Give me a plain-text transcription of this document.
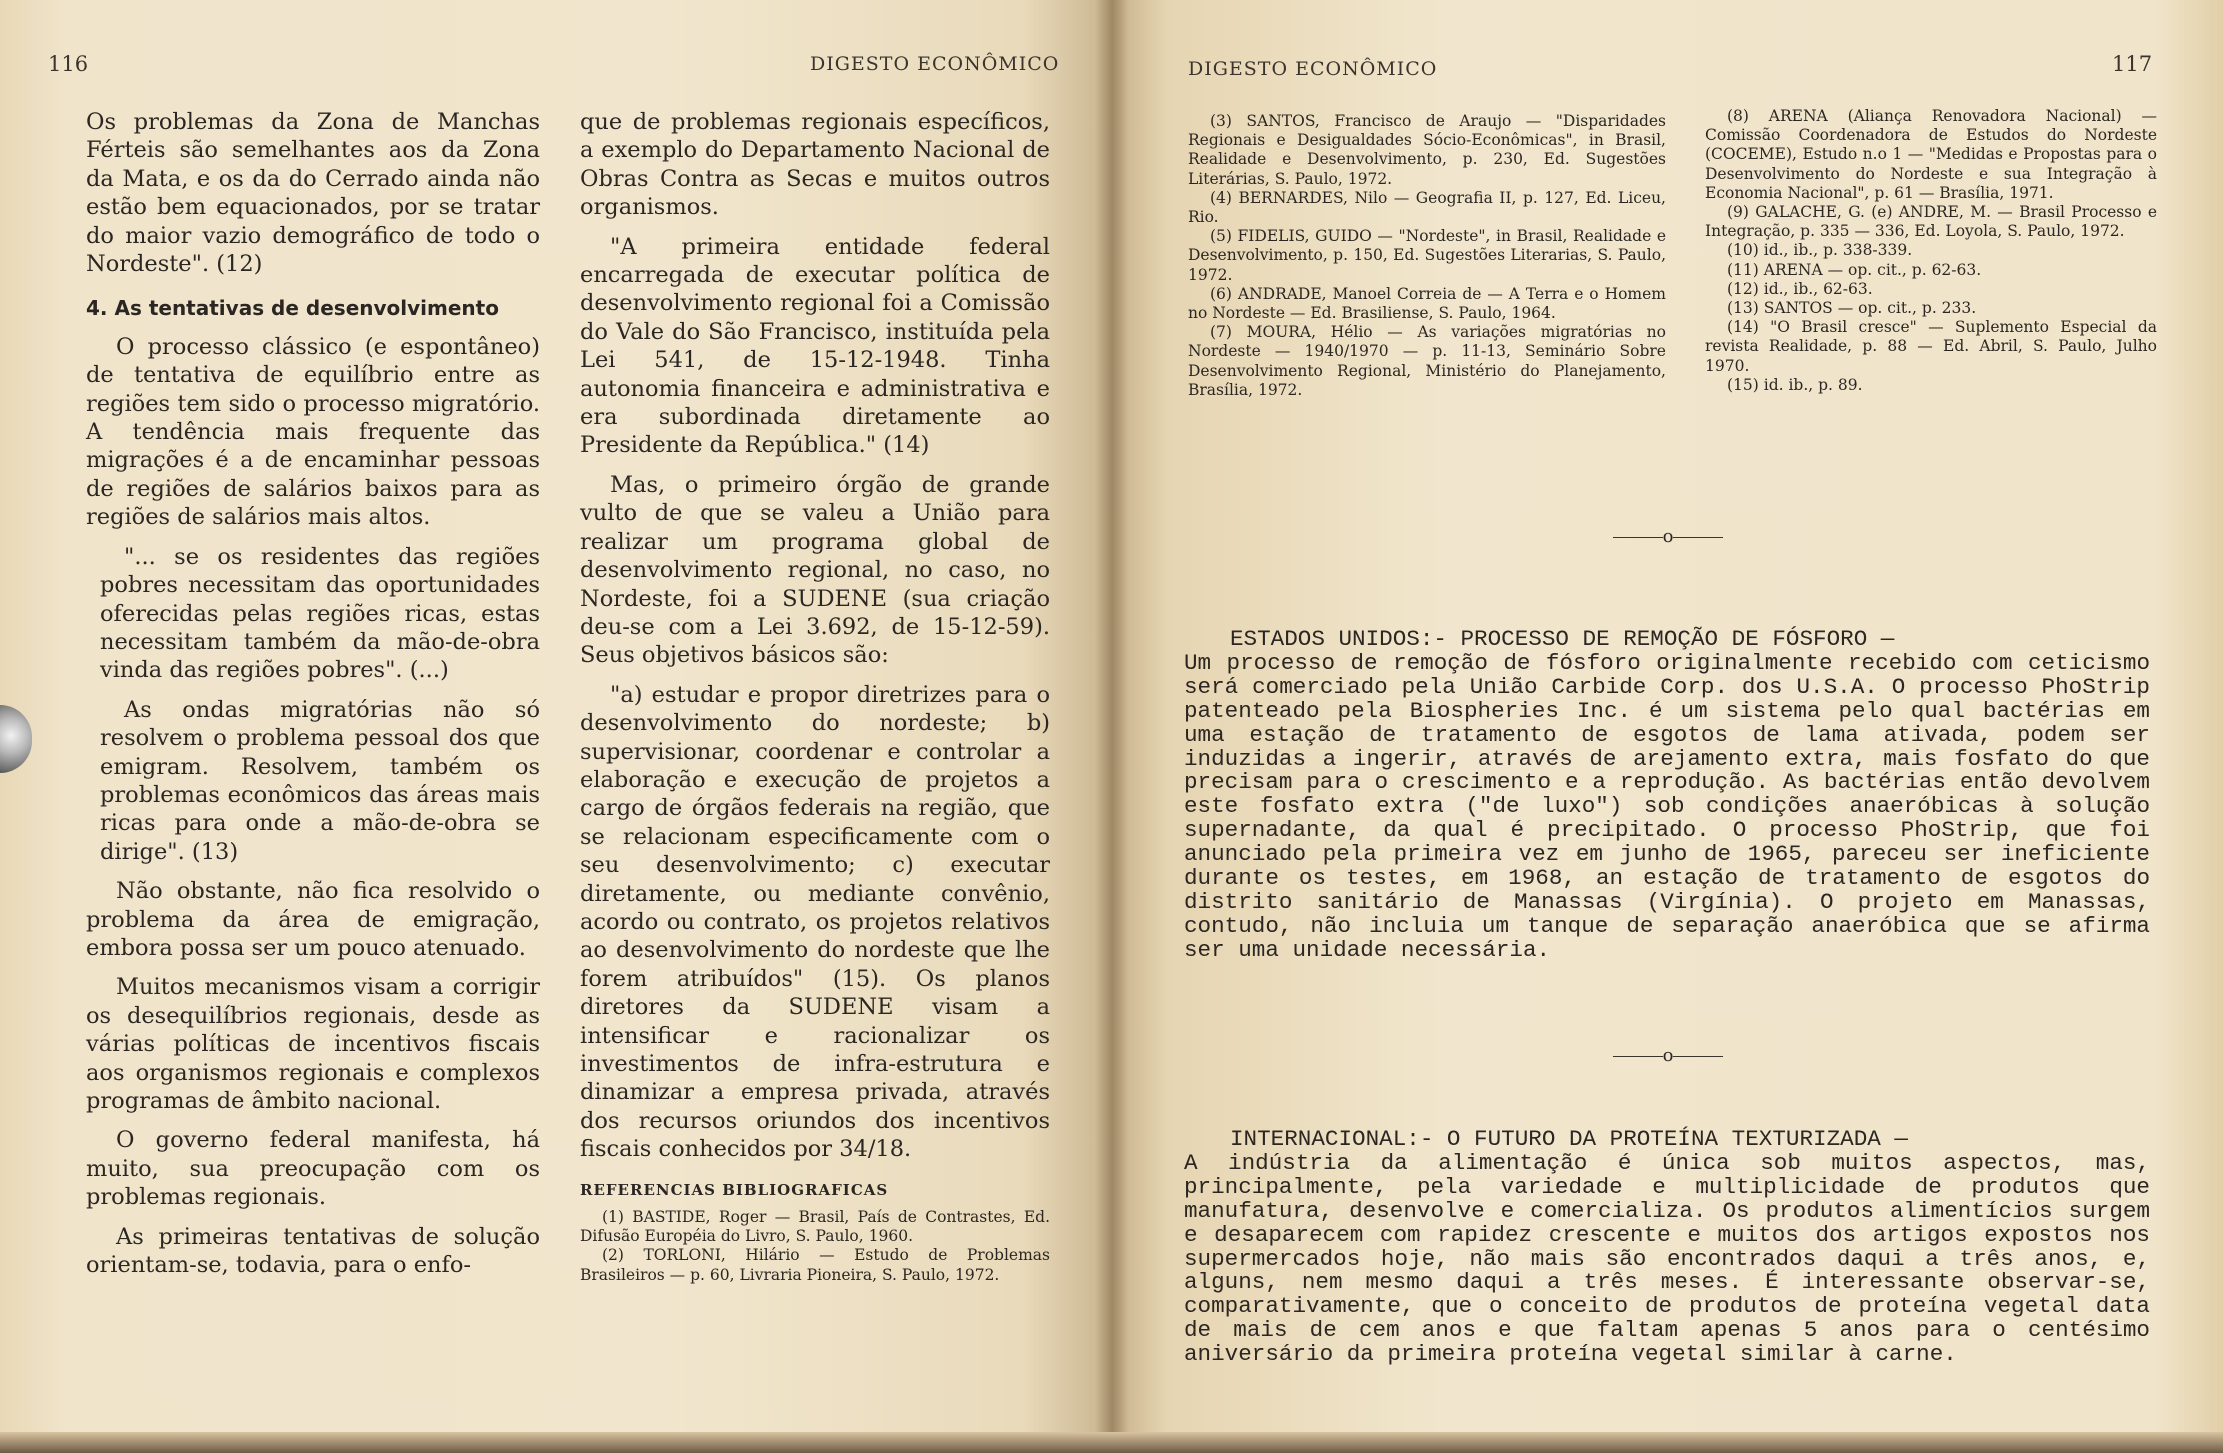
116	DIGESTO ECONÔMICO

Os problemas da Zona de Manchas Férteis são semelhantes aos da Zona da Mata, e os da do Cerrado ainda não estão bem equacionados, por se tratar do maior vazio demográfico de todo o Nordeste". (12)

4. As tentativas de desenvolvimento

O processo clássico (e espontâneo) de tentativa de equilíbrio entre as regiões tem sido o processo migratório. A tendência mais frequente das migrações é a de encaminhar pessoas de regiões de salários baixos para as regiões de salários mais altos.

"... se os residentes das regiões pobres necessitam das oportunidades oferecidas pelas regiões ricas, estas necessitam também da mão-de-obra vinda das regiões pobres". (...)

As ondas migratórias não só resolvem o problema pessoal dos que emigram. Resolvem, também os problemas econômicos das áreas mais ricas para onde a mão-de-obra se dirige". (13)

Não obstante, não fica resolvido o problema da área de emigração, embora possa ser um pouco atenuado.

Muitos mecanismos visam a corrigir os desequilíbrios regionais, desde as várias políticas de incentivos fiscais aos organismos regionais e complexos programas de âmbito nacional.

O governo federal manifesta, há muito, sua preocupação com os problemas regionais.

As primeiras tentativas de solução orientam-se, todavia, para o enfo-

que de problemas regionais específicos, a exemplo do Departamento Nacional de Obras Contra as Secas e muitos outros organismos.

"A primeira entidade federal encarregada de executar política de desenvolvimento regional foi a Comissão do Vale do São Francisco, instituída pela Lei 541, de 15-12-1948. Tinha autonomia financeira e administrativa e era subordinada diretamente ao Presidente da República." (14)

Mas, o primeiro órgão de grande vulto de que se valeu a União para realizar um programa global de desenvolvimento regional, no caso, no Nordeste, foi a SUDENE (sua criação deu-se com a Lei 3.692, de 15-12-59). Seus objetivos básicos são:

"a) estudar e propor diretrizes para o desenvolvimento do nordeste; b) supervisionar, coordenar e controlar a elaboração e execução de projetos a cargo de órgãos federais na região, que se relacionam especificamente com o seu desenvolvimento; c) executar diretamente, ou mediante convênio, acordo ou contrato, os projetos relativos ao desenvolvimento do nordeste que lhe forem atribuídos" (15). Os planos diretores da SUDENE visam a intensificar e racionalizar os investimentos de infra-estrutura e dinamizar a empresa privada, através dos recursos oriundos dos incentivos fiscais conhecidos por 34/18.

REFERENCIAS BIBLIOGRAFICAS
(1) BASTIDE, Roger — Brasil, País de Contrastes, Ed. Difusão Européia do Livro, S. Paulo, 1960.
(2) TORLONI, Hilário — Estudo de Problemas Brasileiros — p. 60, Livraria Pioneira, S. Paulo, 1972.
DIGESTO ECONÔMICO	117
(3) SANTOS, Francisco de Araujo — "Disparidades Regionais e Desigualdades Sócio-Econômicas", in Brasil, Realidade e Desenvolvimento, p. 230, Ed. Sugestões Literárias, S. Paulo, 1972.
(4) BERNARDES, Nilo — Geografia II, p. 127, Ed. Liceu, Rio.
(5) FIDELIS, GUIDO — "Nordeste", in Brasil, Realidade e Desenvolvimento, p. 150, Ed. Sugestões Literarias, S. Paulo, 1972.
(6) ANDRADE, Manoel Correia de — A Terra e o Homem no Nordeste — Ed. Brasiliense, S. Paulo, 1964.
(7) MOURA, Hélio — As variações migratórias no Nordeste — 1940/1970 — p. 11-13, Seminário Sobre Desenvolvimento Regional, Ministério do Planejamento, Brasília, 1972.
(8) ARENA (Aliança Renovadora Nacional) — Comissão Coordenadora de Estudos do Nordeste (COCEME), Estudo n.o 1 — "Medidas e Propostas para o Desenvolvimento do Nordeste e sua Integração à Economia Nacional", p. 61 — Brasília, 1971.
(9) GALACHE, G. (e) ANDRE, M. — Brasil Processo e Integração, p. 335 — 336, Ed. Loyola, S. Paulo, 1972.
(10) id., ib., p. 338-339.
(11) ARENA — op. cit., p. 62-63.
(12) id., ib., 62-63.
(13) SANTOS — op. cit., p. 233.
(14) "O Brasil cresce" — Suplemento Especial da revista Realidade, p. 88 — Ed. Abril, S. Paulo, Julho 1970.
(15) id. ib., p. 89.
o
ESTADOS UNIDOS:- PROCESSO DE REMOÇÃO DE FÓSFORO —
Um processo de remoção de fósforo originalmente recebido com ceticismo será comerciado pela União Carbide Corp. dos U.S.A. O processo PhoStrip patenteado pela Biospheries Inc. é um sistema pelo qual bactérias em uma estação de tratamento de esgotos de lama ativada, podem ser induzidas a ingerir, através de arejamento extra, mais fosfato do que precisam para o crescimento e a reprodução. As bactérias então devolvem este fosfato extra ("de luxo") sob condições anaeróbicas à solução supernadante, da qual é precipitado. O processo PhoStrip, que foi anunciado pela primeira vez em junho de 1965, pareceu ser ineficiente durante os testes, em 1968, an estação de tratamento de esgotos do distrito sanitário de Manassas (Virgínia). O projeto em Manassas, contudo, não incluia um tanque de separação anaeróbica que se afirma ser uma unidade necessária.
o
INTERNACIONAL:- O FUTURO DA PROTEÍNA TEXTURIZADA —
A indústria da alimentação é única sob muitos aspectos, mas, principalmente, pela variedade e multiplicidade de produtos que manufatura, desenvolve e comercializa. Os produtos alimentícios surgem e desaparecem com rapidez crescente e muitos dos artigos expostos nos supermercados hoje, não mais são encontrados daqui a três anos, e, alguns, nem mesmo daqui a três meses. É interessante observar-se, comparativamente, que o conceito de produtos de proteína vegetal data de mais de cem anos e que faltam apenas 5 anos para o centésimo aniversário da primeira proteína vegetal similar à carne.
